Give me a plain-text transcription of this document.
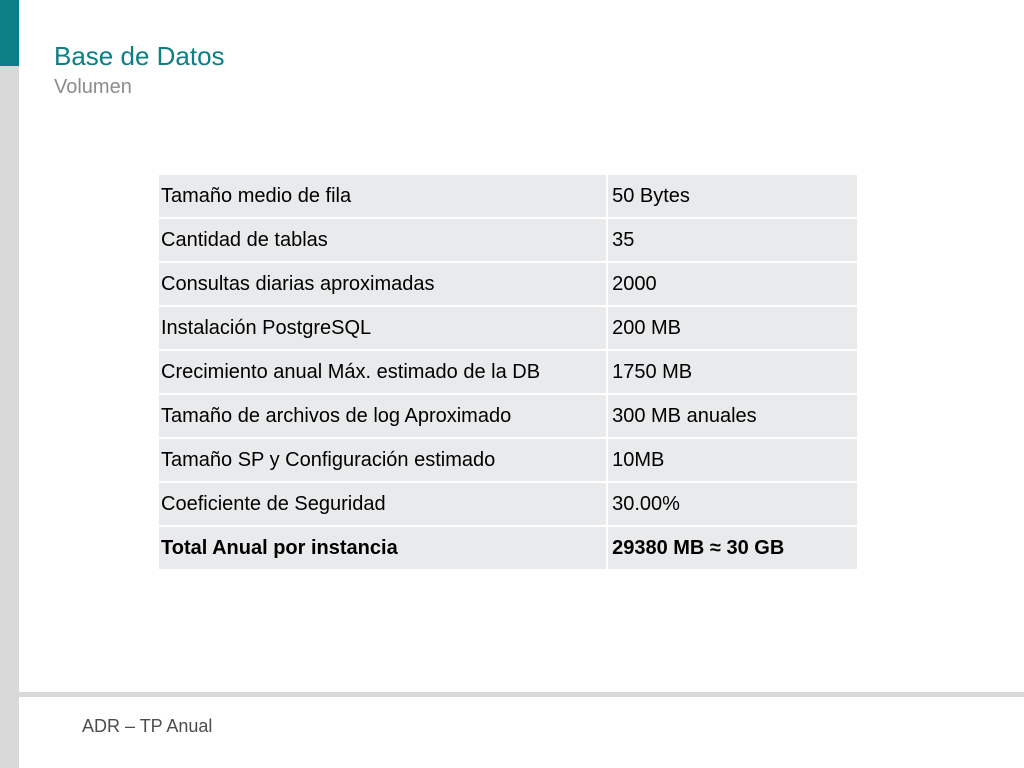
Base de Datos
Volumen
Tamaño medio de fila	50 Bytes
Cantidad de tablas	35
Consultas diarias aproximadas	2000
Instalación PostgreSQL	200 MB
Crecimiento anual Máx. estimado de la DB	1750 MB
Tamaño de archivos de log Aproximado	300 MB anuales
Tamaño SP y Configuración estimado	10MB
Coeficiente de Seguridad	30.00%
Total Anual por instancia	29380 MB ≈ 30 GB
ADR – TP Anual
